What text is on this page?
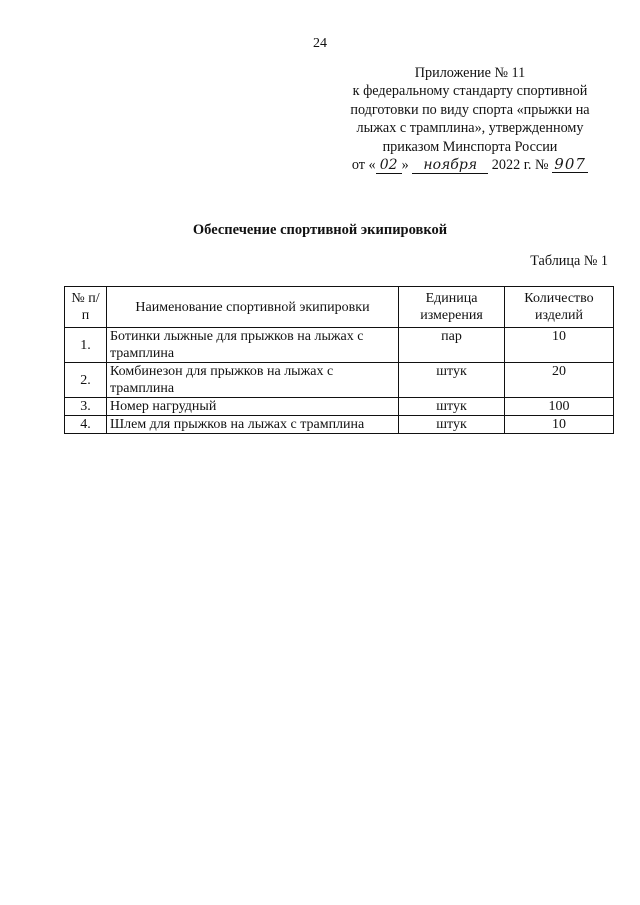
24
Приложение № 11
к федеральному стандарту спортивной
подготовки по виду спорта «прыжки на
лыжах с трамплина», утвержденному
приказом Минспорта России
от « 02 » ноября 2022 г. № 907
Обеспечение спортивной экипировкой
Таблица № 1
№ п/п	Наименование спортивной экипировки	Единица измерения	Количество изделий
1.	Ботинки лыжные для прыжков на лыжах с трамплина	пар	10
2.	Комбинезон для прыжков на лыжах с трамплина	штук	20
3.	Номер нагрудный	штук	100
4.	Шлем для прыжков на лыжах с трамплина	штук	10
